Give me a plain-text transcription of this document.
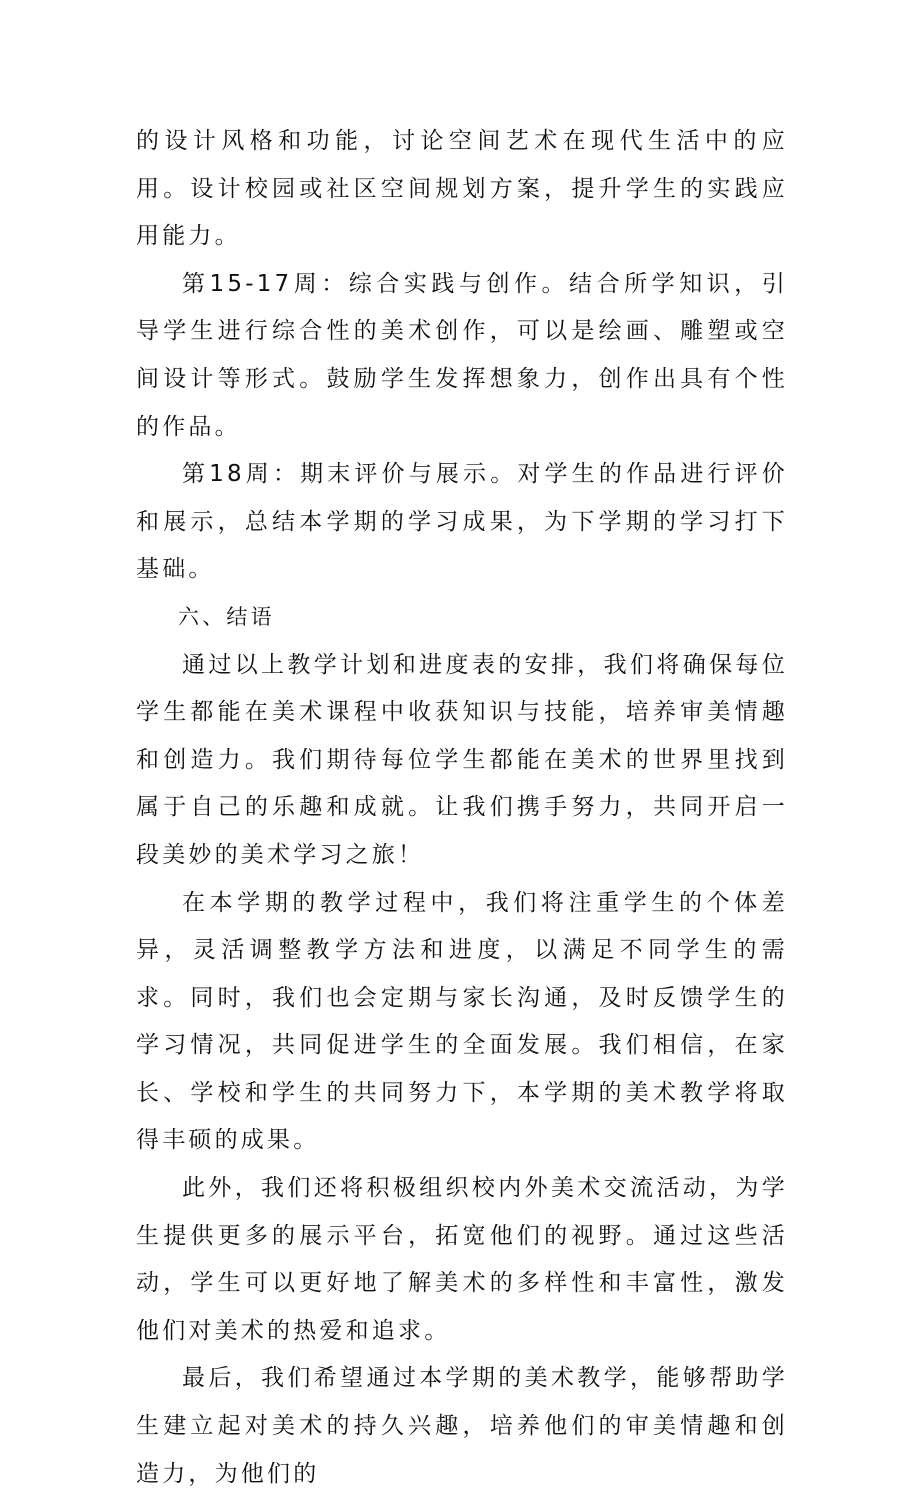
的设计风格和功能，讨论空间艺术在现代生活中的应用。设计校园或社区空间规划方案，提升学生的实践应用能力。

第15-17周：综合实践与创作。结合所学知识，引导学生进行综合性的美术创作，可以是绘画、雕塑或空间设计等形式。鼓励学生发挥想象力，创作出具有个性的作品。

第18周：期末评价与展示。对学生的作品进行评价和展示，总结本学期的学习成果，为下学期的学习打下基础。

六、结语

通过以上教学计划和进度表的安排，我们将确保每位学生都能在美术课程中收获知识与技能，培养审美情趣和创造力。我们期待每位学生都能在美术的世界里找到属于自己的乐趣和成就。让我们携手努力，共同开启一段美妙的美术学习之旅！

在本学期的教学过程中，我们将注重学生的个体差异，灵活调整教学方法和进度，以满足不同学生的需求。同时，我们也会定期与家长沟通，及时反馈学生的学习情况，共同促进学生的全面发展。我们相信，在家长、学校和学生的共同努力下，本学期的美术教学将取得丰硕的成果。

此外，我们还将积极组织校内外美术交流活动，为学生提供更多的展示平台，拓宽他们的视野。通过这些活动，学生可以更好地了解美术的多样性和丰富性，激发他们对美术的热爱和追求。

最后，我们希望通过本学期的美术教学，能够帮助学生建立起对美术的持久兴趣，培养他们的审美情趣和创造力，为他们的
